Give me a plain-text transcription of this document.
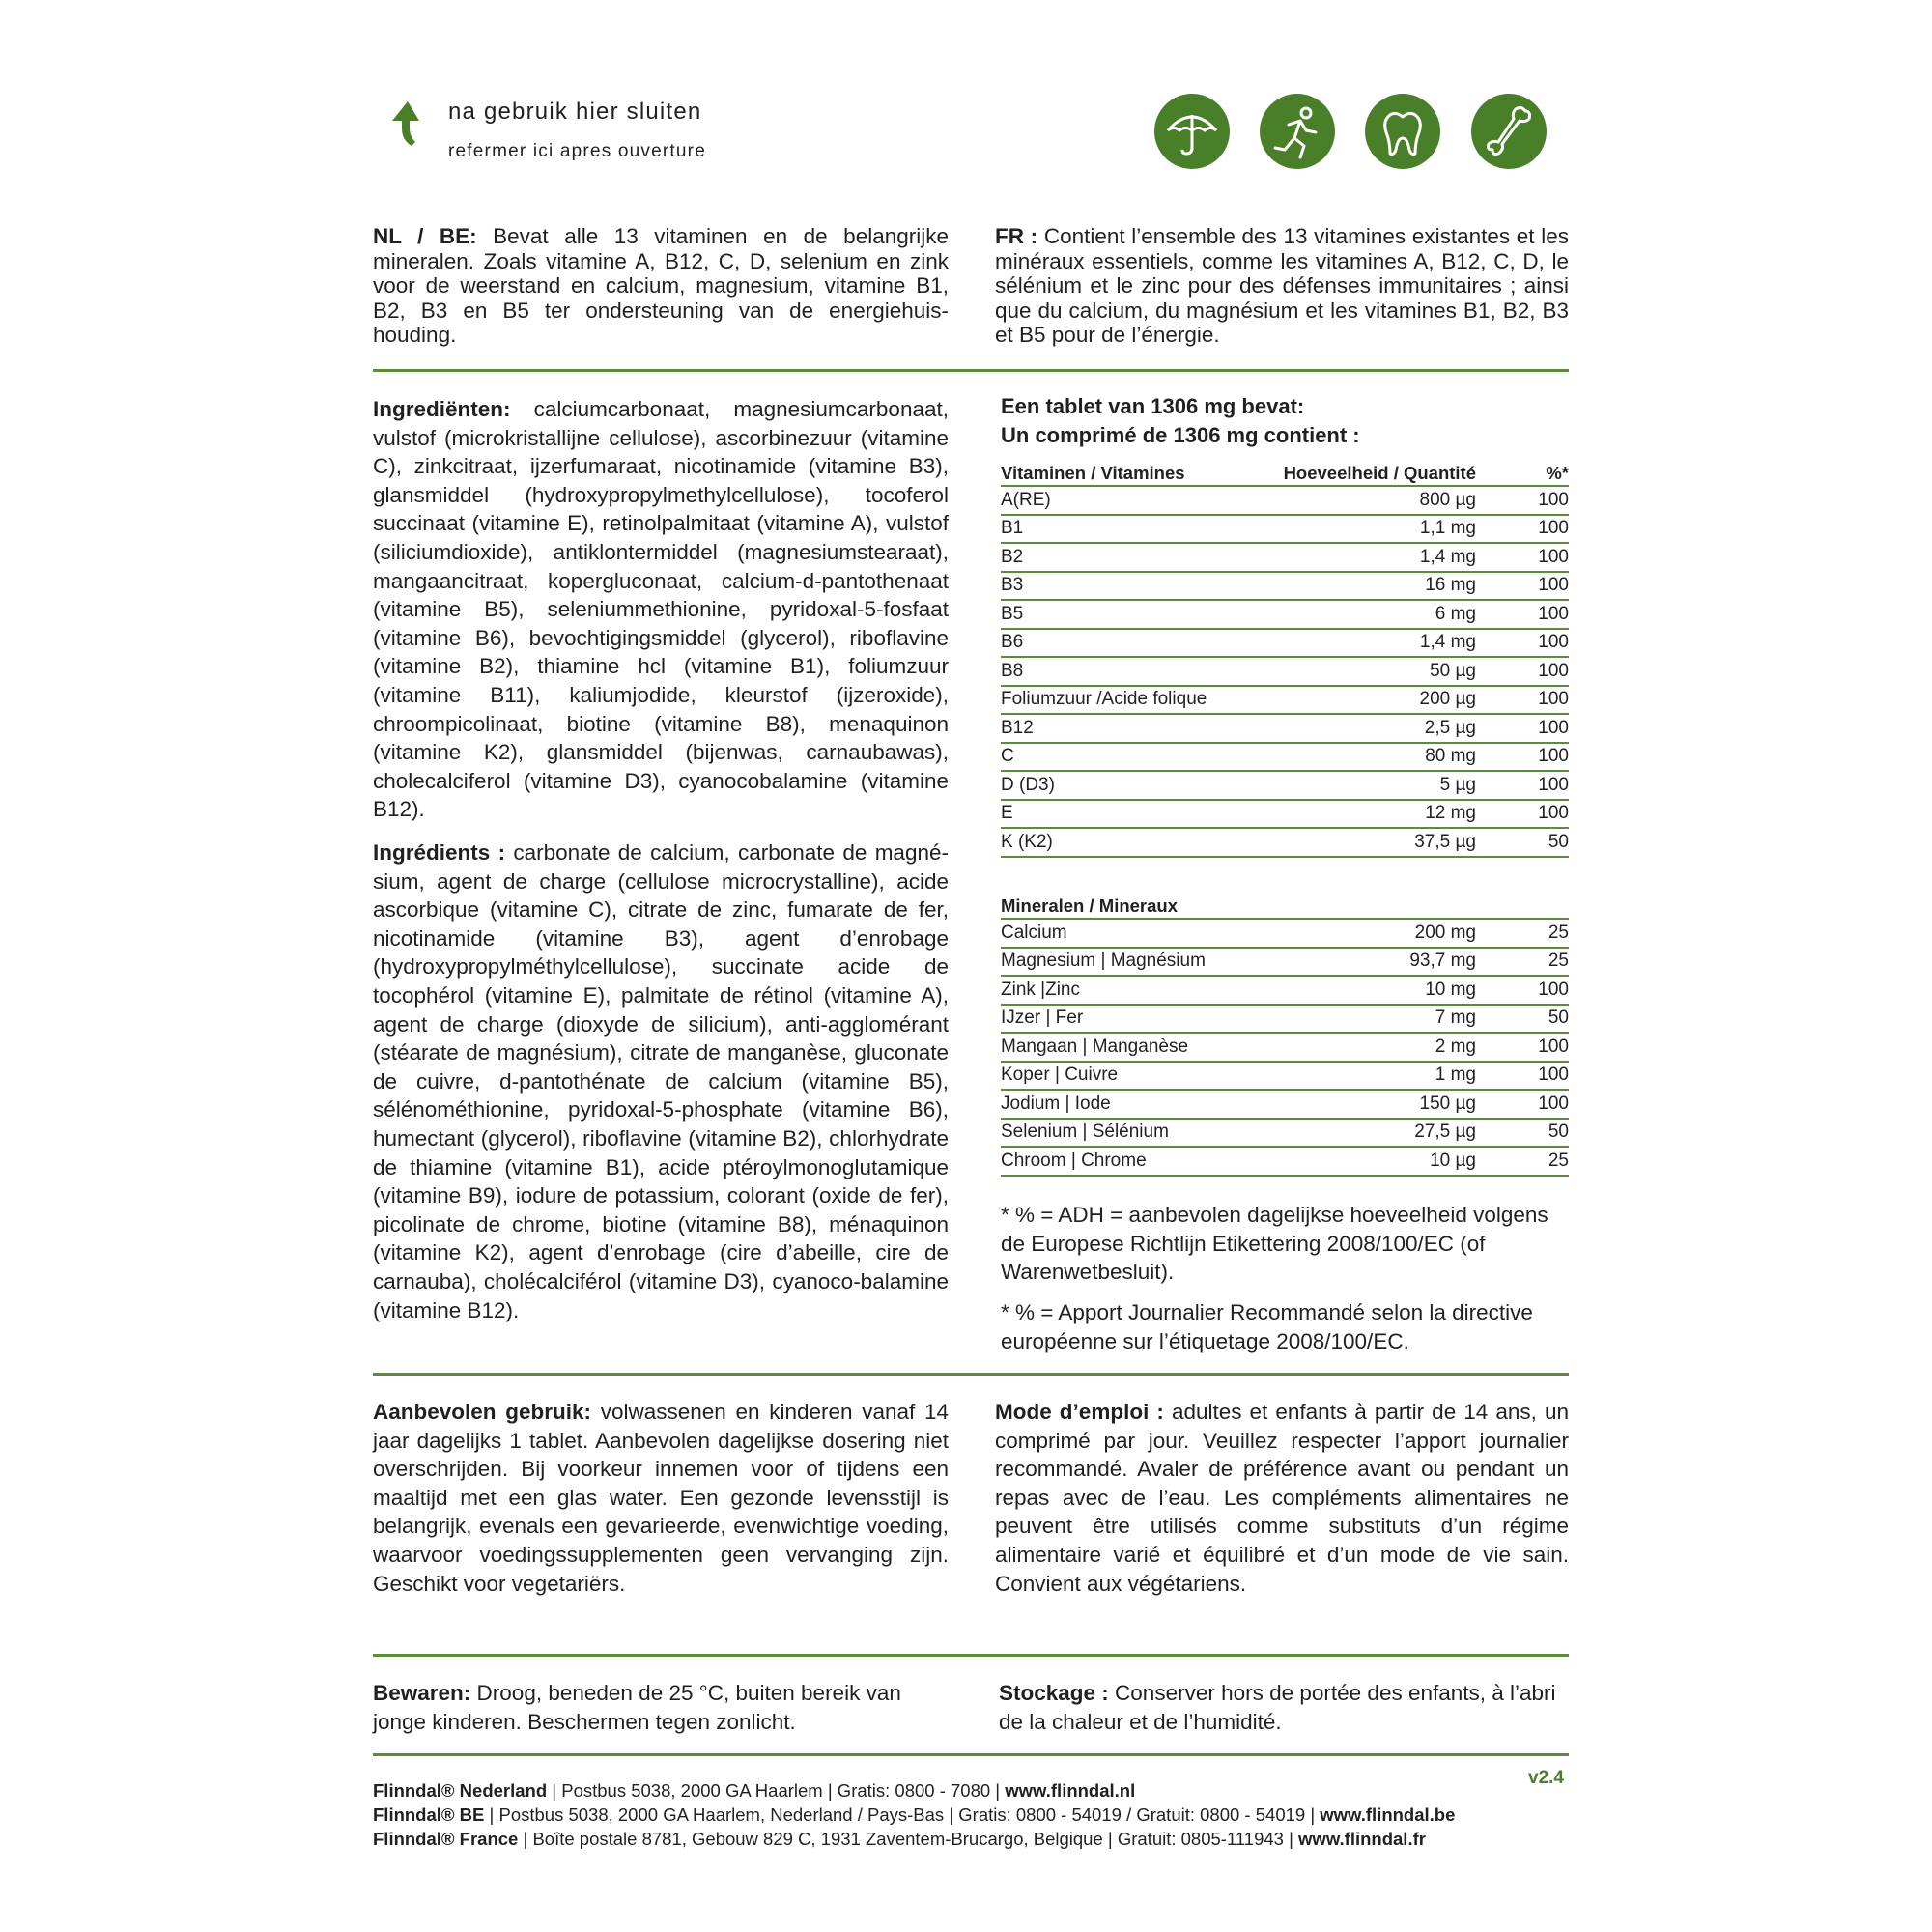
na gebruik hier sluiten
refermer ici apres ouverture
NL / BE: Bevat alle 13 vitaminen en de belangrijke mineralen. Zoals vitamine A, B12, C, D, selenium en zink voor de weerstand en calcium, magnesium, vitamine B1, B2, B3 en B5 ter ondersteuning van de energiehuishouding.
FR : Contient l’ensemble des 13 vitamines existantes et les minéraux essentiels, comme les vitamines A, B12, C, D, le sélénium et le zinc pour des défenses immunitaires ; ainsi que du calcium, du magnésium et les vitamines B1, B2, B3 et B5 pour de l’énergie.
Ingrediënten: calciumcarbonaat, magnesiumcarbonaat, vulstof (microkristallijne cellulose), ascorbinezuur (vitamine C), zinkcitraat, ijzerfumaraat, nicotinamide (vitamine B3), glansmiddel (hydroxypropylmethylcellulose), tocoferol succinaat (vitamine E), retinolpalmitaat (vitamine A), vulstof (siliciumdioxide), antiklontermiddel (magnesiumstearaat), mangaancitraat, kopergluconaat, calcium-d-pantothenaat (vitamine B5), seleniummethionine, pyridoxal-5-fosfaat (vitamine B6), bevochtigingsmiddel (glycerol), riboflavine (vitamine B2), thiamine hcl (vitamine B1), foliumzuur (vitamine B11), kaliumjodide, kleurstof (ijzeroxide), chroompicolinaat, biotine (vitamine B8), menaquinon (vitamine K2), glansmiddel (bijenwas, carnaubawas), cholecalciferol (vitamine D3), cyanocobalamine (vitamine B12).
Ingrédients : carbonate de calcium, carbonate de magnésium, agent de charge (cellulose microcrystalline), acide ascorbique (vitamine C), citrate de zinc, fumarate de fer, nicotinamide (vitamine B3), agent d’enrobage (hydroxypropylméthylcellulose), succinate acide de tocophérol (vitamine E), palmitate de rétinol (vitamine A), agent de charge (dioxyde de silicium), anti-agglomérant (stéarate de magnésium), citrate de manganèse, gluconate de cuivre, d-pantothénate de calcium (vitamine B5), sélénométhionine, pyridoxal-5-phosphate (vitamine B6), humectant (glycerol), riboflavine (vitamine B2), chlorhydrate de thiamine (vitamine B1), acide ptéroylmonoglutamique (vitamine B9), iodure de potassium, colorant (oxide de fer), picolinate de chrome, biotine (vitamine B8), ménaquinon (vitamine K2), agent d’enrobage (cire d’abeille, cire de carnauba), cholécalciférol (vitamine D3), cyanoco-balamine (vitamine B12).
Een tablet van 1306 mg bevat:
Un comprimé de 1306 mg contient :
Vitaminen / Vitamines	Hoeveelheid / Quantité	%*
A(RE)	800 µg	100
B1	1,1 mg	100
B2	1,4 mg	100
B3	16 mg	100
B5	6 mg	100
B6	1,4 mg	100
B8	50 µg	100
Foliumzuur /Acide folique	200 µg	100
B12	2,5 µg	100
C	80 mg	100
D (D3)	5 µg	100
E	12 mg	100
K (K2)	37,5 µg	50
Mineralen / Mineraux		
Calcium	200 mg	25
Magnesium | Magnésium	93,7 mg	25
Zink |Zinc	10 mg	100
IJzer | Fer	7 mg	50
Mangaan | Manganèse	2 mg	100
Koper | Cuivre	1 mg	100
Jodium | Iode	150 µg	100
Selenium | Sélénium	27,5 µg	50
Chroom | Chrome	10 µg	25
* % = ADH = aanbevolen dagelijkse hoeveelheid volgens de Europese Richtlijn Etikettering 2008/100/EC (of Warenwetbesluit).
* % = Apport Journalier Recommandé selon la directive européenne sur l’étiquetage 2008/100/EC.
Aanbevolen gebruik: volwassenen en kinderen vanaf 14 jaar dagelijks 1 tablet. Aanbevolen dagelijkse dosering niet overschrijden. Bij voorkeur innemen voor of tijdens een maaltijd met een glas water. Een gezonde levensstijl is belangrijk, evenals een gevarieerde, evenwichtige voeding, waarvoor voedingssupplementen geen vervanging zijn. Geschikt voor vegetariërs.
Mode d’emploi : adultes et enfants à partir de 14 ans, un comprimé par jour. Veuillez respecter l’apport journalier recommandé. Avaler de préférence avant ou pendant un repas avec de l’eau. Les compléments alimentaires ne peuvent être utilisés comme substituts d’un régime alimentaire varié et équilibré et d’un mode de vie sain. Convient aux végétariens.
Bewaren: Droog, beneden de 25 °C, buiten bereik van jonge kinderen. Beschermen tegen zonlicht.
Stockage : Conserver hors de portée des enfants, à l’abri de la chaleur et de l’humidité.
Flinndal® Nederland | Postbus 5038, 2000 GA Haarlem | Gratis: 0800 - 7080 | www.flinndal.nl
Flinndal® BE | Postbus 5038, 2000 GA Haarlem, Nederland / Pays-Bas | Gratis: 0800 - 54019 / Gratuit: 0800 - 54019 | www.flinndal.be
Flinndal® France | Boîte postale 8781, Gebouw 829 C, 1931 Zaventem-Brucargo, Belgique | Gratuit: 0805-111943 | www.flinndal.fr
v2.4
